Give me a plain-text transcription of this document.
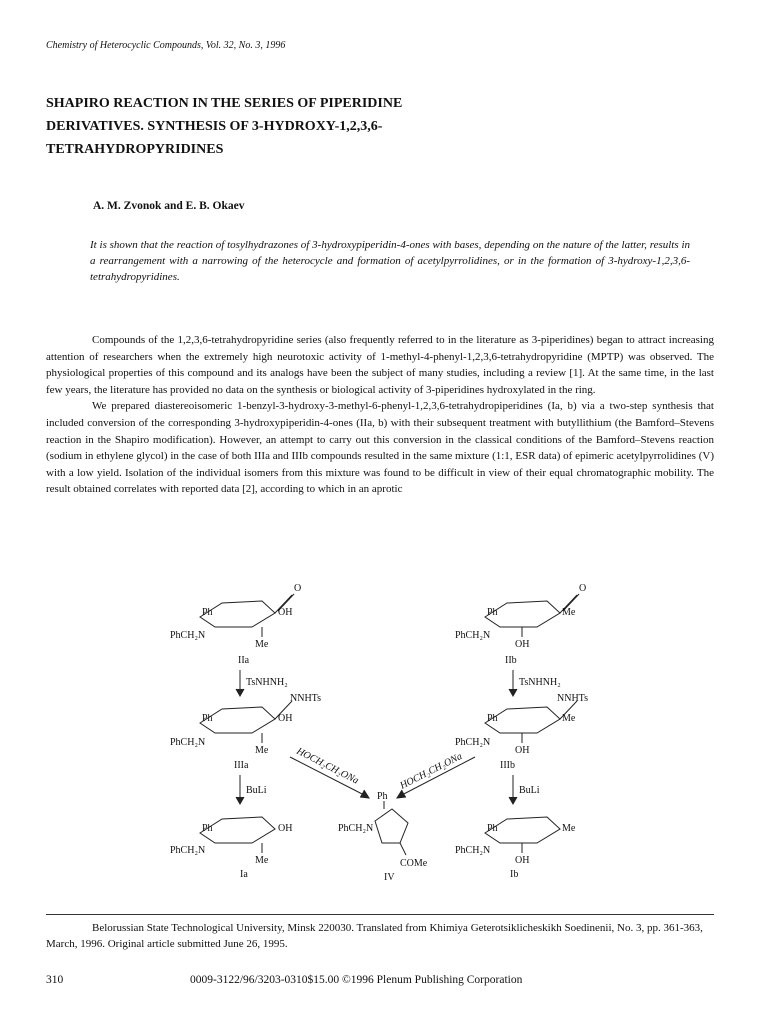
Chemistry of Heterocyclic Compounds, Vol. 32, No. 3, 1996
SHAPIRO REACTION IN THE SERIES OF PIPERIDINE
DERIVATIVES. SYNTHESIS OF 3-HYDROXY-1,2,3,6-
TETRAHYDROPYRIDINES
A. M. Zvonok and E. B. Okaev

It is shown that the reaction of tosylhydrazones of 3-hydroxypiperidin-4-ones with bases, depending on the nature of the latter, results in a rearrangement with a narrowing of the heterocycle and formation of acetylpyrrolidines, or in the formation of 3-hydroxy-1,2,3,6-tetrahydropyridines.

Compounds of the 1,2,3,6-tetrahydropyridine series (also frequently referred to in the literature as 3-piperidines) began to attract increasing attention of researchers when the extremely high neurotoxic activity of 1-methyl-4-phenyl-1,2,3,6-tetrahydropyridine (MPTP) was observed. The physiological properties of this compound and its analogs have been the subject of many studies, including a review [1]. At the same time, in the last few years, the literature has provided no data on the synthesis or biological activity of 3-piperidines hydroxylated in the ring.

We prepared diastereoisomeric 1-benzyl-3-hydroxy-3-methyl-6-phenyl-1,2,3,6-tetrahydropiperidines (Ia, b) via a two-step synthesis that included conversion of the corresponding 3-hydroxypiperidin-4-ones (IIa, b) with their subsequent treatment with butyllithium (the Bamford–Stevens reaction in the Shapiro modification). However, an attempt to carry out this conversion in the classical conditions of the Bamford–Stevens reaction (sodium in ethylene glycol) in the case of both IIIa and IIIb compounds resulted in the same mixture (1:1, ESR data) of epimeric acetylpyrrolidines (V) with a low yield. Isolation of the individual isomers from this mixture was found to be difficult in view of their equal chromatographic mobility. The result obtained correlates with reported data [2], according to which in an aprotic

O
Ph	OH
PhCH₂N
Me
IIa
O
Ph	Me
PhCH₂N
OH
IIb
TsNHNH₂	TsNHNH₂
NNHTs
Ph	OH
PhCH₂N
Me
IIIa
NNHTs
Ph	Me
PhCH₂N
OH
IIIb
HOCH₂CH₂ONa	HOCH₂CH₂ONa
BuLi	BuLi
Ph
PhCH₂N
COMe
IV
Ph	OH
PhCH₂N
Me
Ia
Ph	Me
PhCH₂N
OH
Ib

Belorussian State Technological University, Minsk 220030. Translated from Khimiya Geterotsiklicheskikh Soedinenii, No. 3, pp. 361-363, March, 1996. Original article submitted June 26, 1995.

310	0009-3122/96/3203-0310$15.00 ©1996 Plenum Publishing Corporation
